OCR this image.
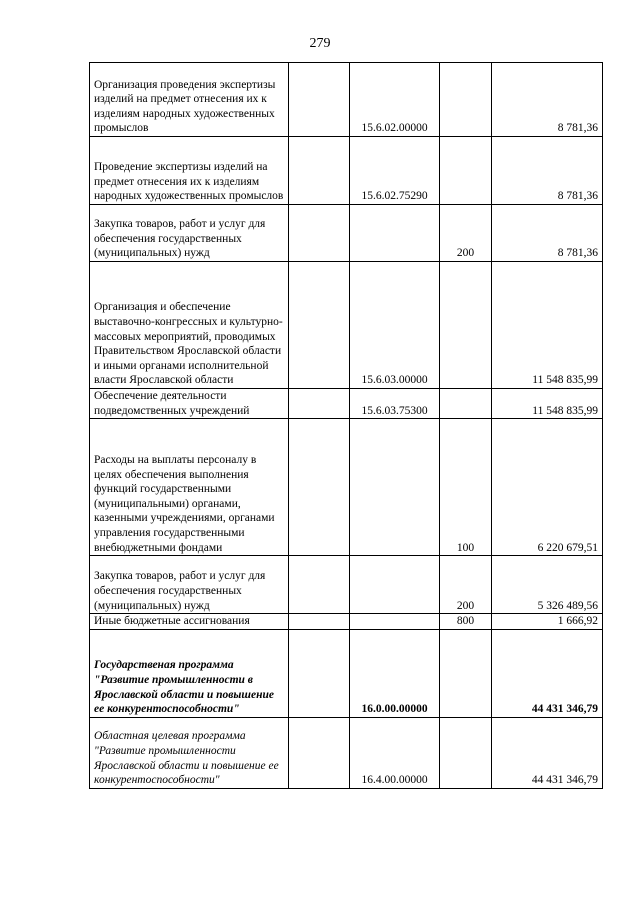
279
Организация проведения экспертизы изделий на предмет отнесения их к изделиям народных художественных промыслов		15.6.02.00000		8 781,36
Проведение экспертизы изделий на предмет отнесения их к изделиям народных художественных промыслов		15.6.02.75290		8 781,36
Закупка товаров, работ и услуг для обеспечения государственных (муниципальных) нужд			200	8 781,36
Организация и обеспечение выставочно-конгрессных и культурно-массовых мероприятий, проводимых Правительством Ярославской области и иными органами исполнительной власти Ярославской области		15.6.03.00000		11 548 835,99
Обеспечение деятельности подведомственных учреждений		15.6.03.75300		11 548 835,99
Расходы на выплаты персоналу в целях обеспечения выполнения функций государственными (муниципальными) органами, казенными учреждениями, органами управления государственными внебюджетными фондами			100	6 220 679,51
Закупка товаров, работ и услуг для обеспечения государственных (муниципальных) нужд			200	5 326 489,56
Иные бюджетные ассигнования			800	1 666,92
Государственая программа "Развитие промышленности в Ярославской области и повышение ее конкурентоспособности"		16.0.00.00000		44 431 346,79
Областная целевая программа "Развитие промышленности Ярославской области и повышение ее конкурентоспособности"		16.4.00.00000		44 431 346,79
